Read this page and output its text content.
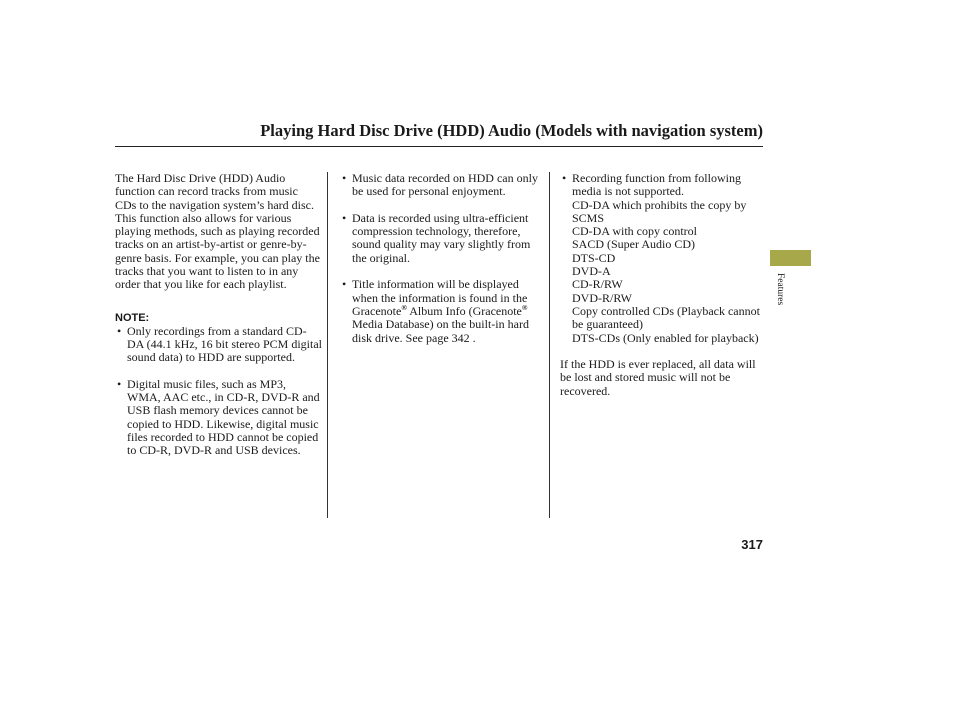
Playing Hard Disc Drive (HDD) Audio (Models with navigation system)

The Hard Disc Drive (HDD) Audio function can record tracks from music CDs to the navigation system’s hard disc. This function also allows for various playing methods, such as playing recorded tracks on an artist-by-artist or genre-by-genre basis. For example, you can play the tracks that you want to listen to in any order that you like for each playlist.

NOTE:
• Only recordings from a standard CD-DA (44.1 kHz, 16 bit stereo PCM digital sound data) to HDD are supported.
• Digital music files, such as MP3, WMA, AAC etc., in CD-R, DVD-R and USB flash memory devices cannot be copied to HDD. Likewise, digital music files recorded to HDD cannot be copied to CD-R, DVD-R and USB devices.
• Music data recorded on HDD can only be used for personal enjoyment.
• Data is recorded using ultra-efficient compression technology, therefore, sound quality may vary slightly from the original.
• Title information will be displayed when the information is found in the Gracenote® Album Info (Gracenote® Media Database) on the built-in hard disk drive. See page 342 .
• Recording function from following media is not supported.
CD-DA which prohibits the copy by SCMS
CD-DA with copy control
SACD (Super Audio CD)
DTS-CD
DVD-A
CD-R/RW
DVD-R/RW
Copy controlled CDs (Playback cannot be guaranteed)
DTS-CDs (Only enabled for playback)

If the HDD is ever replaced, all data will be lost and stored music will not be recovered.

Features
317
